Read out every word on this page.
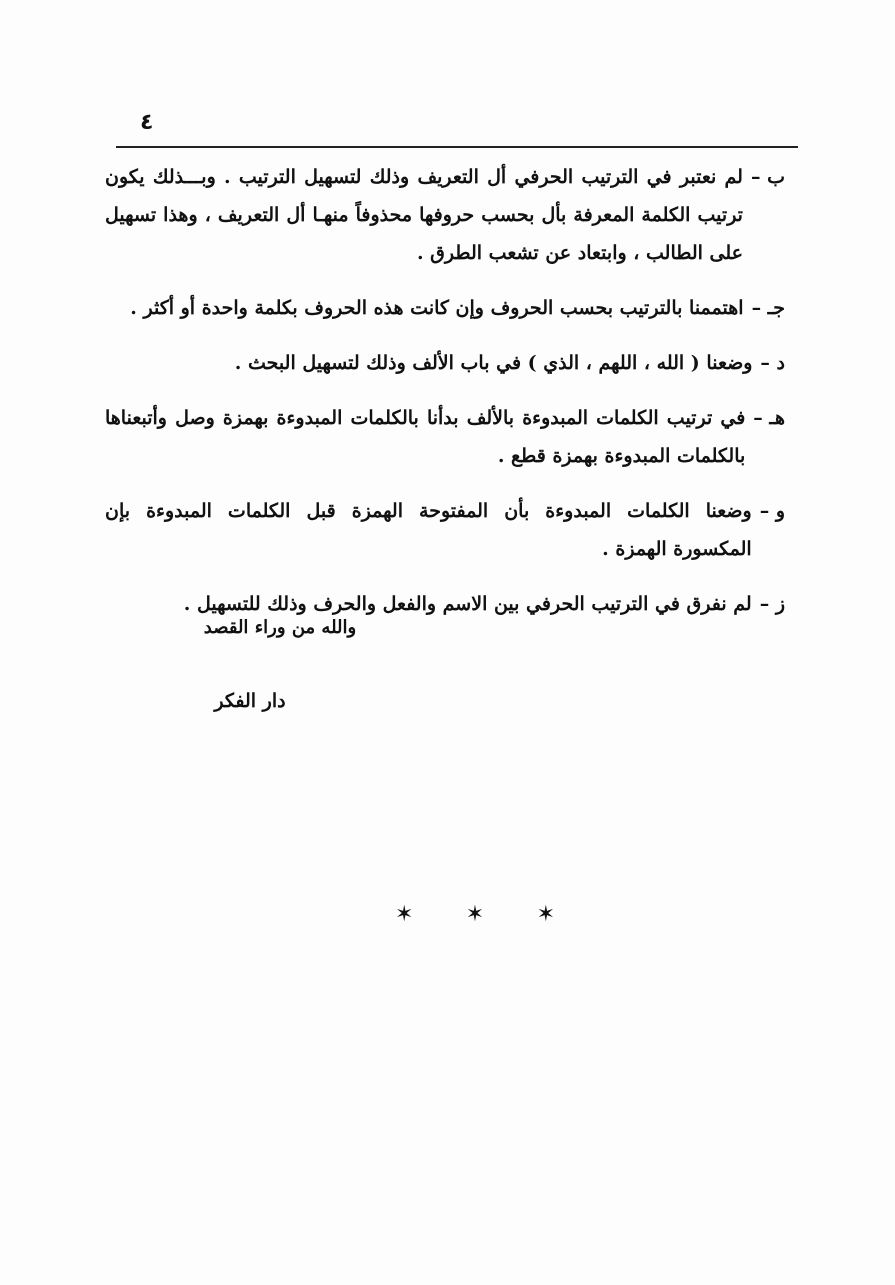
٤
ب –
لم نعتبر في الترتيب الحرفي أل التعريف وذلك لتسهيل الترتيب . وبـــذلك يكون ترتيب الكلمة المعرفة بأل بحسب حروفها محذوفاً منهـا أل التعريف ، وهذا تسهيل على الطالب ، وابتعاد عن تشعب الطرق .
جـ –
اهتممنا بالترتيب بحسب الحروف وإن كانت هذه الحروف بكلمة واحدة أو أكثر .
د –
وضعنا ( الله ، اللهم ، الذي ) في باب الألف وذلك لتسهيل البحث .
هـ –
في ترتيب الكلمات المبدوءة بالألف بدأنا بالكلمات المبدوءة بهمزة وصل وأتبعناها بالكلمات المبدوءة بهمزة قطع .
و –
وضعنا الكلمات المبدوءة بأن المفتوحة الهمزة قبل الكلمات المبدوءة بإن المكسورة الهمزة .
ز –
لم نفرق في الترتيب الحرفي بين الاسم والفعل والحرف وذلك للتسهيل .
والله من وراء القصد
دار الفكر
✶ ✶ ✶
